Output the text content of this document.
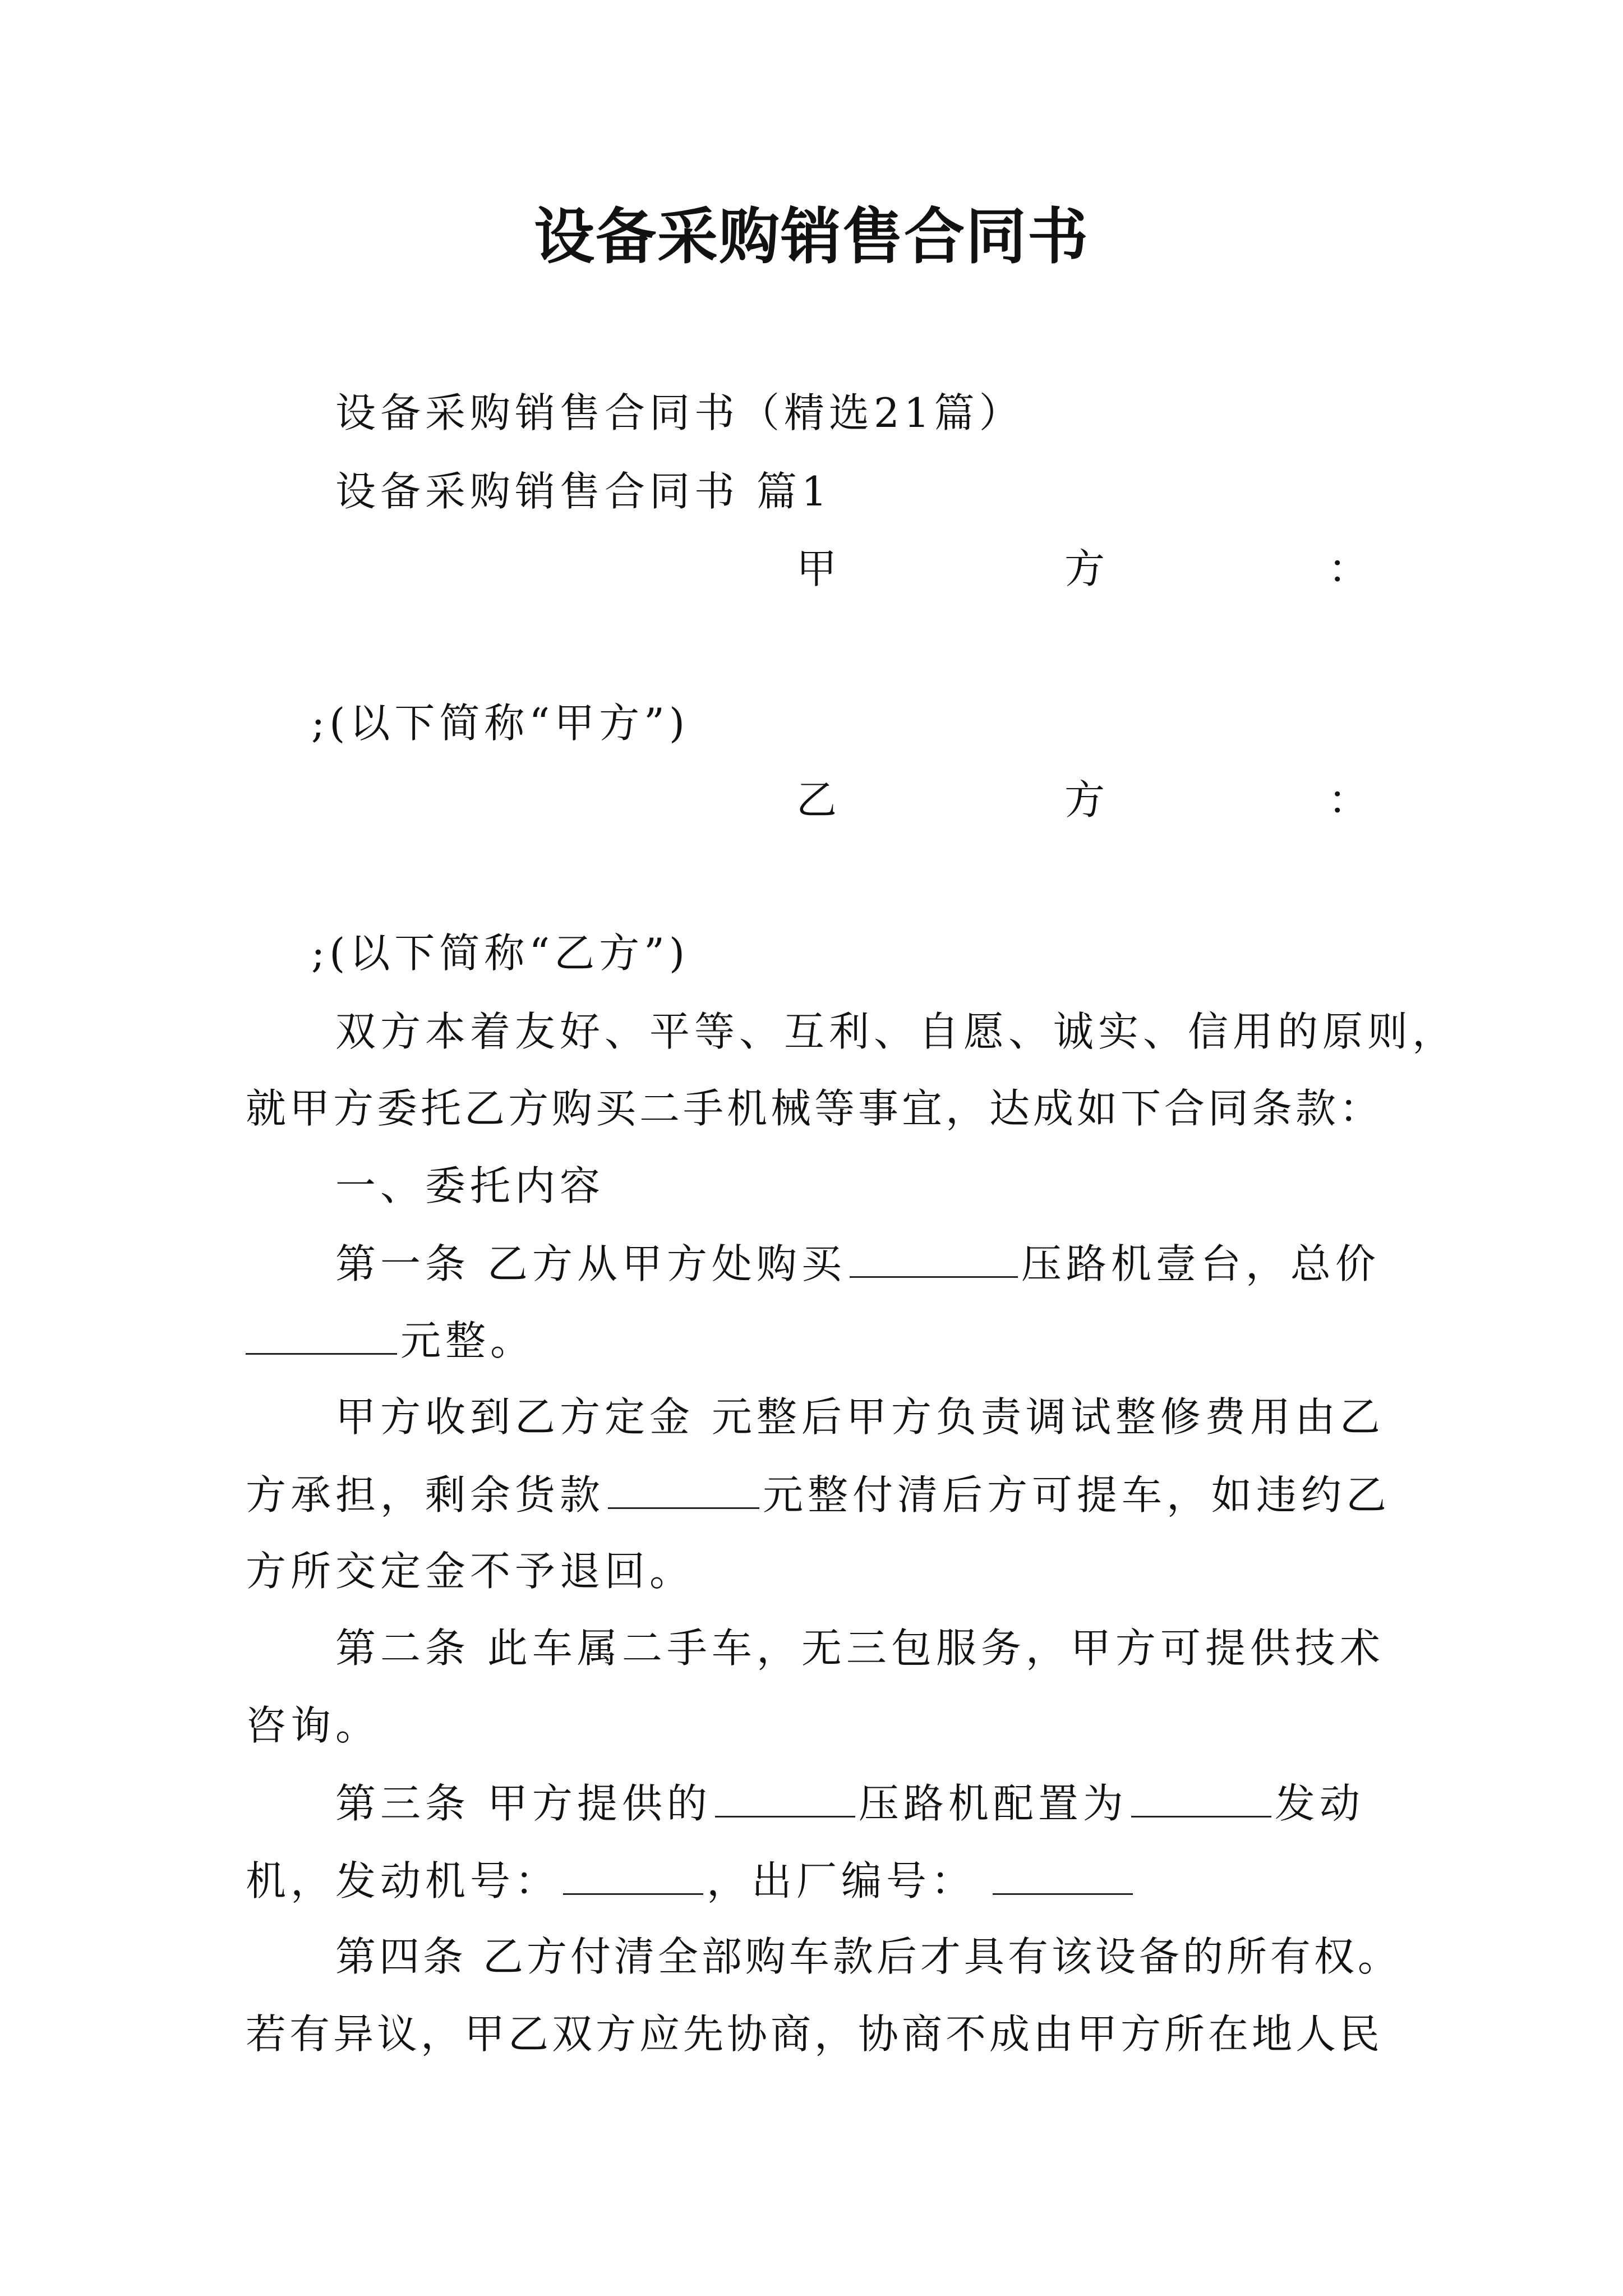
设备采购销售合同书
设备采购销售合同书（精选21篇）
设备采购销售合同书 篇1
甲	方	：
;(以下简称“甲方”)
乙	方	：
;(以下简称“乙方”)
双方本着友好、平等、互利、自愿、诚实、信用的原则，
就甲方委托乙方购买二手机械等事宜，达成如下合同条款：
一、委托内容
第一条 乙方从甲方处购买	压路机壹台，总价
元整。
甲方收到乙方定金 元整后甲方负责调试整修费用由乙
方承担，剩余货款	元整付清后方可提车，如违约乙
方所交定金不予退回。
第二条 此车属二手车，无三包服务，甲方可提供技术
咨询。
第三条 甲方提供的	压路机配置为	发动
机，发动机号：	，出厂编号：
第四条 乙方付清全部购车款后才具有该设备的所有权。
若有异议，甲乙双方应先协商，协商不成由甲方所在地人民
